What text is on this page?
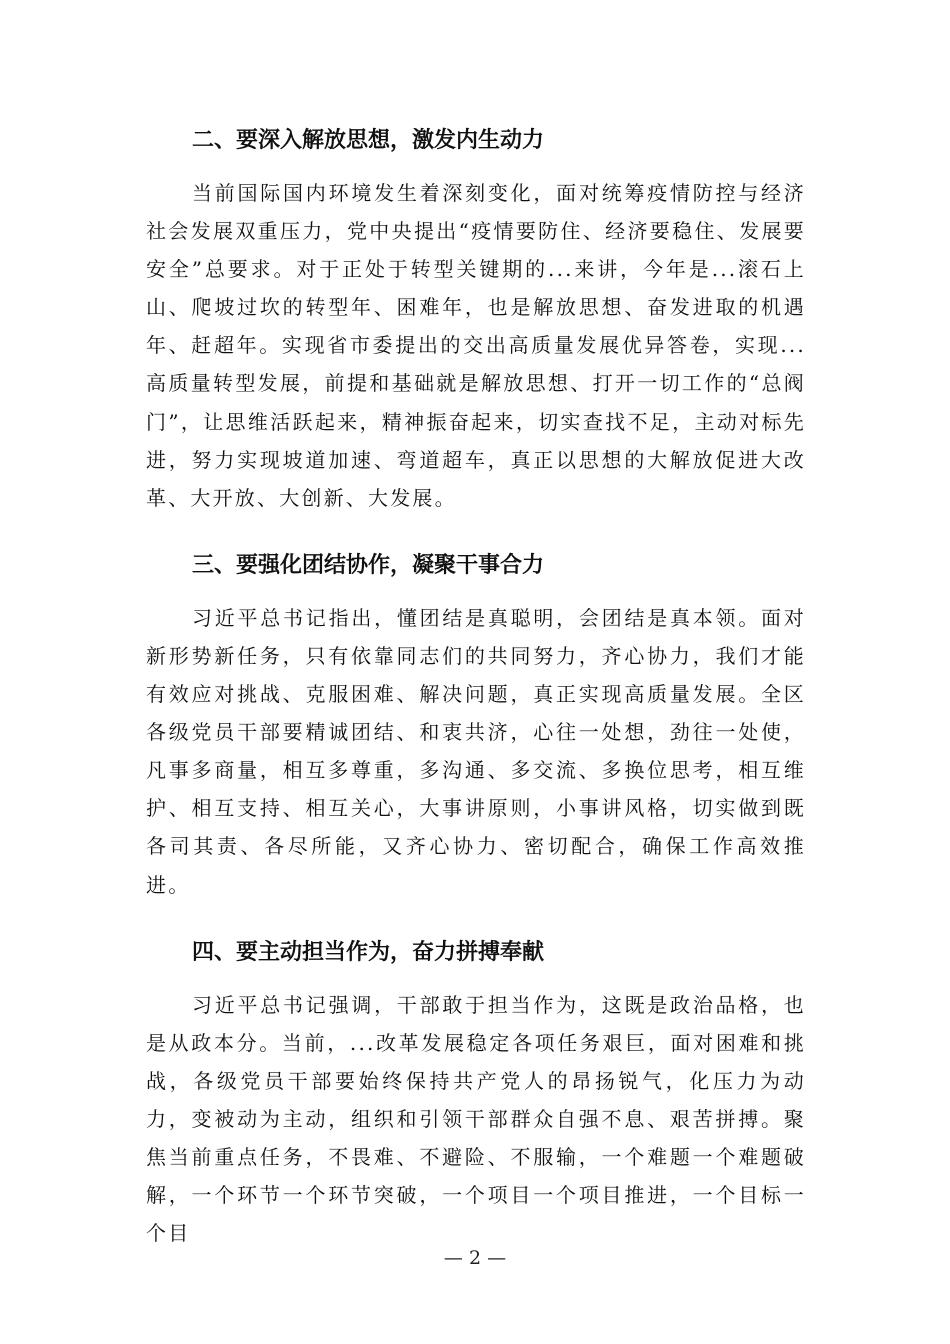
二、要深入解放思想，激发内生动力

当前国际国内环境发生着深刻变化，面对统筹疫情防控与经济社会发展双重压力，党中央提出“疫情要防住、经济要稳住、发展要安全”总要求。对于正处于转型关键期的...来讲，今年是...滚石上山、爬坡过坎的转型年、困难年，也是解放思想、奋发进取的机遇年、赶超年。实现省市委提出的交出高质量发展优异答卷，实现...高质量转型发展，前提和基础就是解放思想、打开一切工作的“总阀门”，让思维活跃起来，精神振奋起来，切实查找不足，主动对标先进，努力实现坡道加速、弯道超车，真正以思想的大解放促进大改革、大开放、大创新、大发展。

三、要强化团结协作，凝聚干事合力

习近平总书记指出，懂团结是真聪明，会团结是真本领。面对新形势新任务，只有依靠同志们的共同努力，齐心协力，我们才能有效应对挑战、克服困难、解决问题，真正实现高质量发展。全区各级党员干部要精诚团结、和衷共济，心往一处想，劲往一处使，凡事多商量，相互多尊重，多沟通、多交流、多换位思考，相互维护、相互支持、相互关心，大事讲原则，小事讲风格，切实做到既各司其责、各尽所能，又齐心协力、密切配合，确保工作高效推进。

四、要主动担当作为，奋力拼搏奉献

习近平总书记强调，干部敢于担当作为，这既是政治品格，也是从政本分。当前，...改革发展稳定各项任务艰巨，面对困难和挑战，各级党员干部要始终保持共产党人的昂扬锐气，化压力为动力，变被动为主动，组织和引领干部群众自强不息、艰苦拼搏。聚焦当前重点任务，不畏难、不避险、不服输，一个难题一个难题破解，一个环节一个环节突破，一个项目一个项目推进，一个目标一个目

— 2 —
